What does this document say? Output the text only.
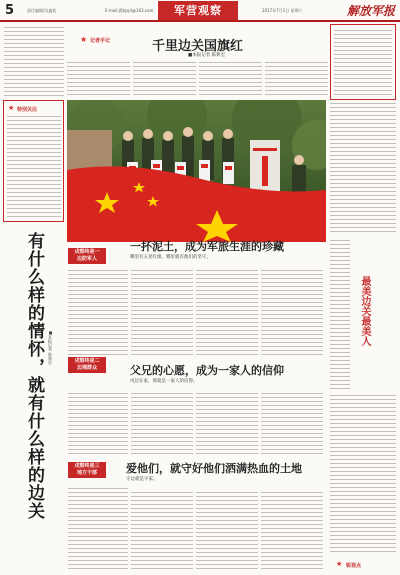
5	责任编辑/吴鑫松	E-mail:jfjbjsjd@163.com	军营观察	2017年7月1日 星期六	解放军报
★ 记者手记	千里边关国旗红
■本报记者 陈典宏
★ 特别关注
有什么样的情怀，就有什么样的边关	戍察终是一
边防军人
一抔泥土，成为军旅生涯的珍藏
哪里有五星红旗，哪里就有他们的坚守。
■本报记者 陈典宏
最美边关最美人
戍察终是二
边境群众	父兄的心愿，成为一家人的信仰
戍边在家，那就是一家人的信仰。
戍察终是三
地方干部	爱他们，就守好他们洒满热血的土地
守边就是守家。
★ 锐视点
